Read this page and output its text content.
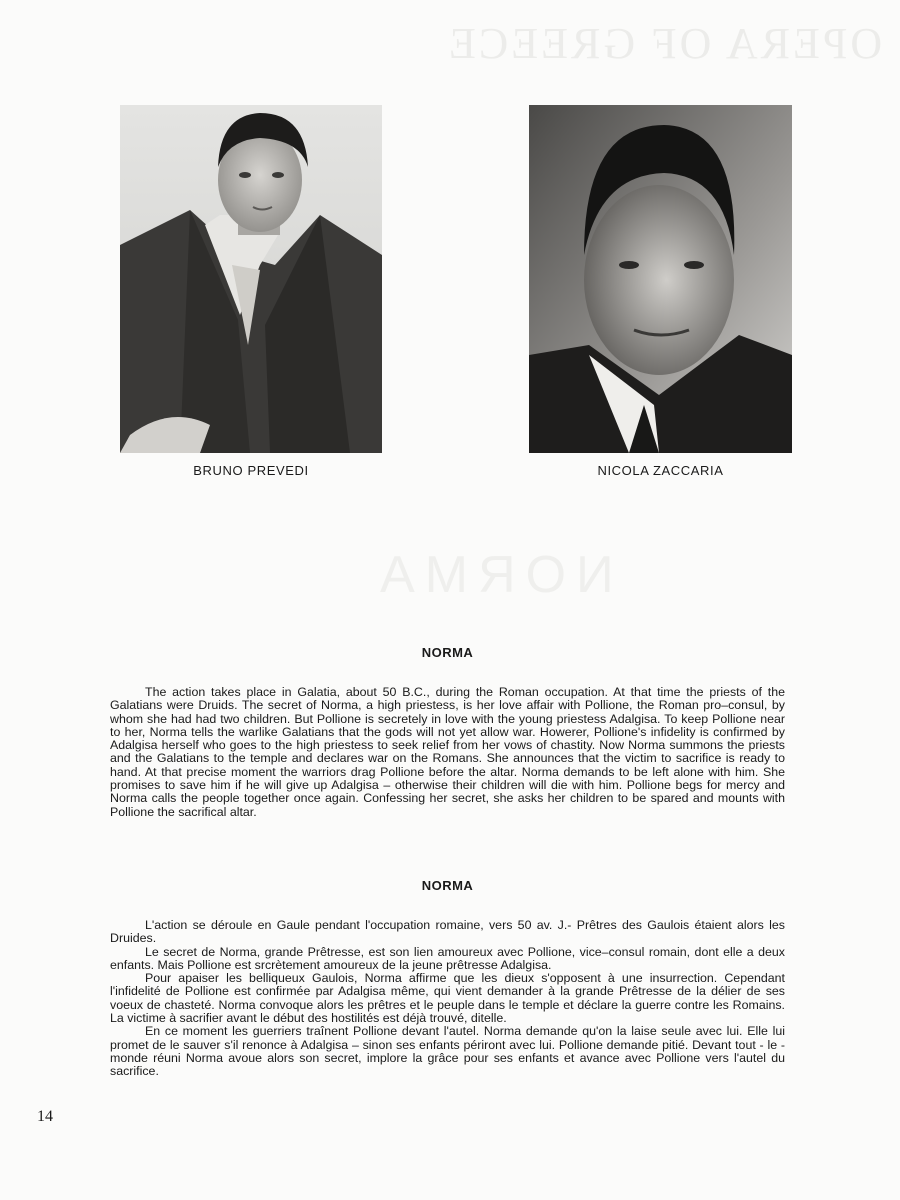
OPERA OF GREECE
NORMA
BRUNO PREVEDI	NICOLA ZACCARIA
NORMA

The action takes place in Galatia, about 50 B.C., during the Roman occupation. At that time the priests of the Galatians were Druids. The secret of Norma, a high priestess, is her love affair with Pollione, the Roman pro–consul, by whom she had had two children. But Pollione is secretely in love with the young priestess Adalgisa. To keep Pollione near to her, Norma tells the warlike Galatians that the gods will not yet allow war. Howerer, Pollione's infidelity is confirmed by Adalgisa herself who goes to the high priestess to seek relief from her vows of chastity. Now Norma summons the priests and the Galatians to the temple and declares war on the Romans. She announces that the victim to sacrifice is ready to hand. At that precise moment the warriors drag Pollione before the altar. Norma demands to be left alone with him. She promises to save him if he will give up Adalgisa – otherwise their children will die with him. Pollione begs for mercy and Norma calls the people together once again. Confessing her secret, she asks her children to be spared and mounts with Pollione the sacrifical altar.

NORMA

L'action se déroule en Gaule pendant l'occupation romaine, vers 50 av. J.- Prêtres des Gaulois étaient alors les Druides.

Le secret de Norma, grande Prêtresse, est son lien amoureux avec Pollione, vice–consul romain, dont elle a deux enfants. Mais Pollione est srcrètement amoureux de la jeune prêtresse Adalgisa.

Pour apaiser les belliqueux Gaulois, Norma affirme que les dieux s'opposent à une insurrection. Cependant l'infidelité de Pollione est confirmée par Adalgisa même, qui vient demander à la grande Prêtresse de la délier de ses voeux de chasteté. Norma convoque alors les prêtres et le peuple dans le temple et déclare la guerre contre les Romains. La victime à sacrifier avant le début des hostilités est déjà trouvé, ditelle.

En ce moment les guerriers traînent Pollione devant l'autel. Norma demande qu'on la laise seule avec lui. Elle lui promet de le sauver s'il renonce à Adalgisa – sinon ses enfants périront avec lui. Pollione demande pitié. Devant tout - le - monde réuni Norma avoue alors son secret, implore la grâce pour ses enfants et avance avec Pollione vers l'autel du sacrifice.

14
